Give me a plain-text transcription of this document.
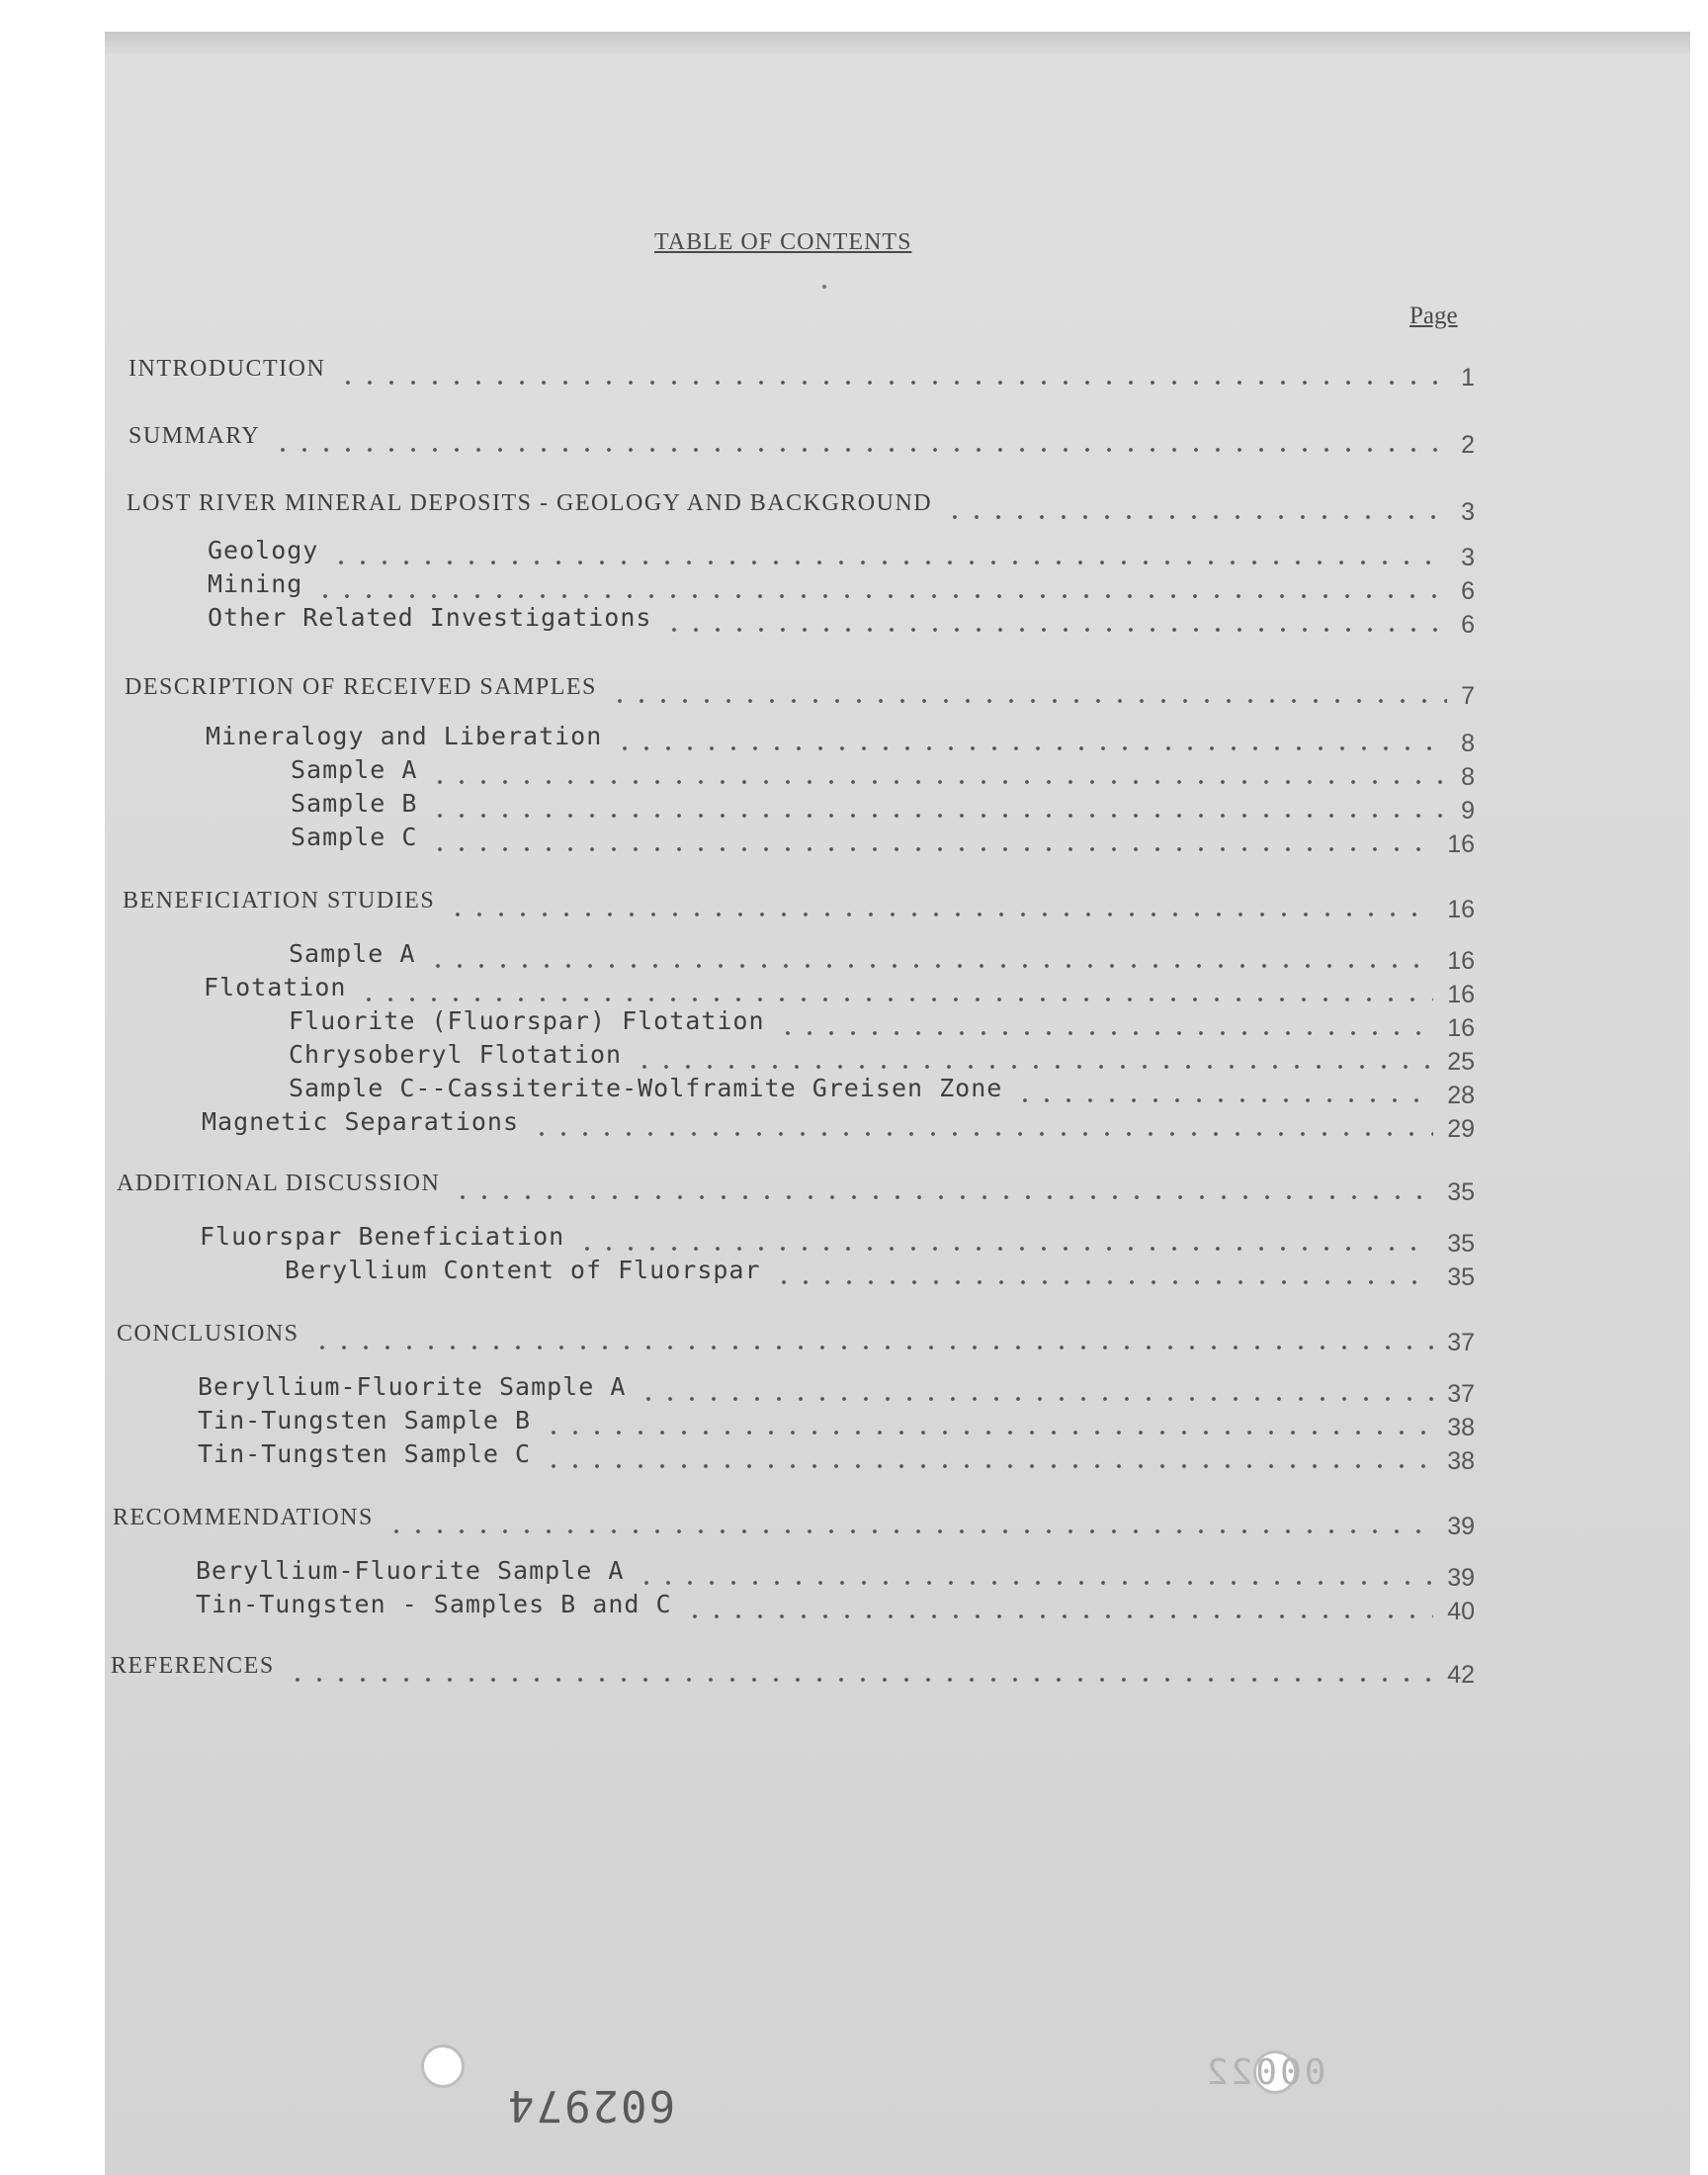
TABLE OF CONTENTS
Page
INTRODUCTION	1
SUMMARY	2
LOST RIVER MINERAL DEPOSITS - GEOLOGY AND BACKGROUND	3
Geology	3
Mining	6
Other Related Investigations	6
DESCRIPTION OF RECEIVED SAMPLES	7
Mineralogy and Liberation	8
Sample A	8
Sample B	9
Sample C	16
BENEFICIATION STUDIES	16
Sample A	16
Flotation	16
Fluorite (Fluorspar) Flotation	16
Chrysoberyl Flotation	25
Sample C--Cassiterite-Wolframite Greisen Zone	28
Magnetic Separations	29
ADDITIONAL DISCUSSION	35
Fluorspar Beneficiation	35
Beryllium Content of Fluorspar	35
CONCLUSIONS	37
Beryllium-Fluorite Sample A	37
Tin-Tungsten Sample B	38
Tin-Tungsten Sample C	38
RECOMMENDATIONS	39
Beryllium-Fluorite Sample A	39
Tin-Tungsten - Samples B and C	40
REFERENCES	42
602974
00022
